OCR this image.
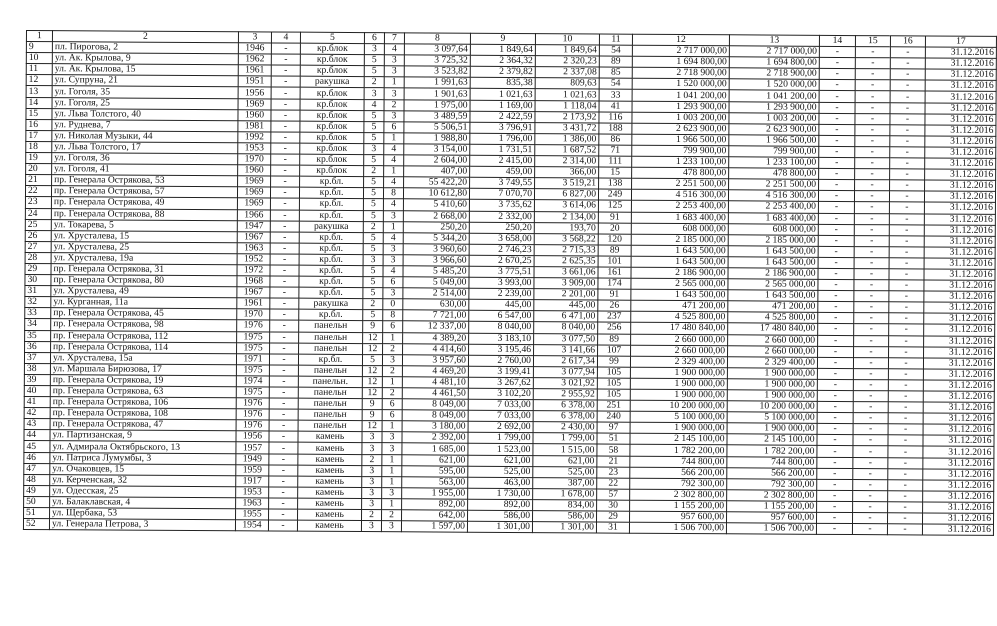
1	2	3	4	5	6	7	8	9	10	11	12	13	14	15	16	17
9	пл. Пирогова, 2	1946	-	кр.блок	3	4	3 097,64	1 849,64	1 849,64	54	2 717 000,00	2 717 000,00	-	-	-	31.12.2016
10	ул. Ак. Крылова, 9	1962	-	кр.блок	5	3	3 725,32	2 364,32	2 320,23	89	1 694 800,00	1 694 800,00	-	-	-	31.12.2016
11	ул. Ак. Крылова, 15	1961	-	кр.блок	5	3	3 523,82	2 379,82	2 337,08	85	2 718 900,00	2 718 900,00	-	-	-	31.12.2016
12	ул. Супруна, 21	1951	-	ракушка	2	1	1 991,63	835,38	809,63	54	1 520 000,00	1 520 000,00	-	-	-	31.12.2016
13	ул. Гоголя, 35	1956	-	кр.блок	3	3	1 901,63	1 021,63	1 021,63	33	1 041 200,00	1 041 200,00	-	-	-	31.12.2016
14	ул. Гоголя, 25	1969	-	кр.блок	4	2	1 975,00	1 169,00	1 118,04	41	1 293 900,00	1 293 900,00	-	-	-	31.12.2016
15	ул. Льва Толстого, 40	1960	-	кр.блок	5	3	3 489,59	2 422,59	2 173,92	116	1 003 200,00	1 003 200,00	-	-	-	31.12.2016
16	ул. Руднева, 7	1981	-	кр.блок	5	6	5 506,51	3 796,91	3 431,72	188	2 623 900,00	2 623 900,00	-	-	-	31.12.2016
17	ул. Николая Музыки, 44	1992	-	кр.блок	5	1	1 988,80	1 796,00	1 386,00	86	1 966 500,00	1 966 500,00	-	-	-	31.12.2016
18	ул. Льва Толстого, 17	1953	-	кр.блок	3	4	3 154,00	1 731,51	1 687,52	71	799 900,00	799 900,00	-	-	-	31.12.2016
19	ул. Гоголя, 36	1970	-	кр.блок	5	4	2 604,00	2 415,00	2 314,00	111	1 233 100,00	1 233 100,00	-	-	-	31.12.2016
20	ул. Гоголя, 41	1960	-	кр.блок	2	1	407,00	459,00	366,00	15	478 800,00	478 800,00	-	-	-	31.12.2016
21	пр. Генерала Острякова, 53	1969	-	кр.бл.	5	4	55 422,20	3 749,55	3 519,21	138	2 251 500,00	2 251 500,00	-	-	-	31.12.2016
22	пр. Генерала Острякова, 57	1969	-	кр.бл.	5	8	10 612,80	7 070,70	6 827,00	249	4 516 300,00	4 516 300,00	-	-	-	31.12.2016
23	пр. Генерала Острякова, 49	1969	-	кр.бл.	5	4	5 410,60	3 735,62	3 614,06	125	2 253 400,00	2 253 400,00	-	-	-	31.12.2016
24	пр. Генерала Острякова, 88	1966	-	кр.бл.	5	3	2 668,00	2 332,00	2 134,00	91	1 683 400,00	1 683 400,00	-	-	-	31.12.2016
25	ул. Токарева, 5	1947	-	ракушка	2	1	250,20	250,20	193,70	20	608 000,00	608 000,00	-	-	-	31.12.2016
26	ул. Хрусталева, 15	1967	-	кр.бл.	5	4	5 344,20	3 658,00	3 568,22	120	2 185 000,00	2 185 000,00	-	-	-	31.12.2016
27	ул. Хрусталева, 25	1963	-	кр.бл.	5	3	3 960,60	2 746,23	2 715,33	89	1 643 500,00	1 643 500,00	-	-	-	31.12.2016
28	ул. Хрусталева, 19а	1952	-	кр.бл.	3	3	3 966,60	2 670,25	2 625,35	101	1 643 500,00	1 643 500,00	-	-	-	31.12.2016
29	пр. Генерала Острякова, 31	1972	-	кр.бл.	5	4	5 485,20	3 775,51	3 661,06	161	2 186 900,00	2 186 900,00	-	-	-	31.12.2016
30	пр. Генерала Острякова, 80	1968	-	кр.бл.	5	6	5 049,00	3 993,00	3 909,00	174	2 565 000,00	2 565 000,00	-	-	-	31.12.2016
31	ул. Хрусталева, 49	1967	-	кр.бл.	5	3	2 514,00	2 239,00	2 201,00	91	1 643 500,00	1 643 500,00	-	-	-	31.12.2016
32	ул. Курганная, 11а	1961	-	ракушка	2	0	630,00	445,00	445,00	26	471 200,00	471 200,00	-	-	-	31.12.2016
33	пр. Генерала Острякова, 45	1970	-	кр.бл.	5	8	7 721,00	6 547,00	6 471,00	237	4 525 800,00	4 525 800,00	-	-	-	31.12.2016
34	пр. Генерала Острякова, 98	1976	-	панельн	9	6	12 337,00	8 040,00	8 040,00	256	17 480 840,00	17 480 840,00	-	-	-	31.12.2016
35	пр. Генерала Острякова, 112	1975	-	панельн	12	1	4 389,20	3 183,10	3 077,50	89	2 660 000,00	2 660 000,00	-	-	-	31.12.2016
36	пр. Генерала Острякова, 114	1975	-	панельн	12	2	4 414,60	3 195,46	3 141,66	107	2 660 000,00	2 660 000,00	-	-	-	31.12.2016
37	ул. Хрусталева, 15а	1971	-	кр.бл.	5	3	3 957,60	2 760,00	2 617,34	99	2 329 400,00	2 329 400,00	-	-	-	31.12.2016
38	ул. Маршала Бирюзова, 17	1975	-	панельн	12	2	4 469,20	3 199,41	3 077,94	105	1 900 000,00	1 900 000,00	-	-	-	31.12.2016
39	пр. Генерала Острякова, 19	1974	-	панельн.	12	1	4 481,10	3 267,62	3 021,92	105	1 900 000,00	1 900 000,00	-	-	-	31.12.2016
40	пр. Генерала Острякова, 63	1975	-	панельн	12	2	4 461,50	3 102,20	2 955,92	105	1 900 000,00	1 900 000,00	-	-	-	31.12.2016
41	пр. Генерала Острякова, 106	1976	-	панельн	9	6	8 049,00	7 033,00	6 378,00	251	10 200 000,00	10 200 000,00	-	-	-	31.12.2016
42	пр. Генерала Острякова, 108	1976	-	панельн	9	6	8 049,00	7 033,00	6 378,00	240	5 100 000,00	5 100 000,00	-	-	-	31.12.2016
43	пр. Генерала Острякова, 47	1976	-	панельн	12	1	3 180,00	2 692,00	2 430,00	97	1 900 000,00	1 900 000,00	-	-	-	31.12.2016
44	ул. Партизанская, 9	1956	-	камень	3	3	2 392,00	1 799,00	1 799,00	51	2 145 100,00	2 145 100,00	-	-	-	31.12.2016
45	ул. Адмирала Октябрьского, 13	1957	-	камень	3	3	1 685,00	1 523,00	1 515,00	58	1 782 200,00	1 782 200,00	-	-	-	31.12.2016
46	ул. Патриса Лумумбы, 3	1949	-	камень	2	1	621,00	621,00	621,00	21	744 800,00	744 800,00	-	-	-	31.12.2016
47	ул. Очаковцев, 15	1959	-	камень	3	1	595,00	525,00	525,00	23	566 200,00	566 200,00	-	-	-	31.12.2016
48	ул. Керченская, 32	1917	-	камень	3	1	563,00	463,00	387,00	22	792 300,00	792 300,00	-	-	-	31.12.2016
49	ул. Одесская, 25	1953	-	камень	3	3	1 955,00	1 730,00	1 678,00	57	2 302 800,00	2 302 800,00	-	-	-	31.12.2016
50	ул. Балаклавская, 4	1963	-	камень	3	1	892,00	892,00	834,00	30	1 155 200,00	1 155 200,00	-	-	-	31.12.2016
51	ул. Щербака, 53	1955	-	камень	2	2	642,00	586,00	586,00	29	957 600,00	957 600,00	-	-	-	31.12.2016
52	ул. Генерала Петрова, 3	1954	-	камень	3	3	1 597,00	1 301,00	1 301,00	31	1 506 700,00	1 506 700,00	-	-	-	31.12.2016
